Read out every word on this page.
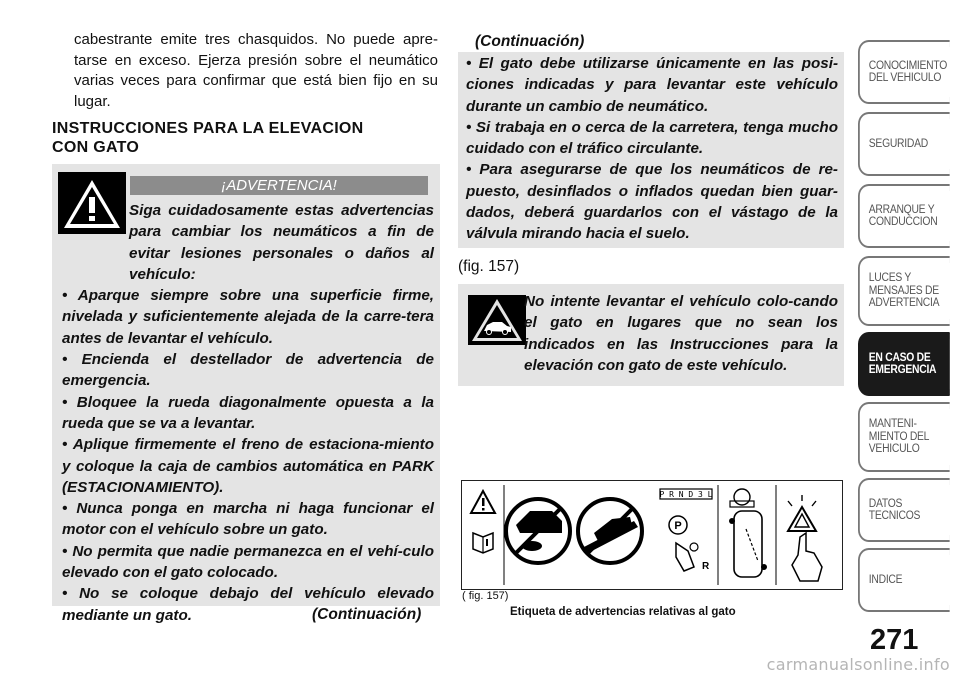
cabestrante emite tres chasquidos. No puede apre-tarse en exceso. Ejerza presión sobre el neumático varias veces para confirmar que está bien fijo en su lugar.
INSTRUCCIONES PARA LA ELEVACION
CON GATO
¡ADVERTENCIA!
Siga cuidadosamente estas advertencias para cambiar los neumáticos a fin de evitar lesiones personales o daños al vehículo:
• Aparque siempre sobre una superficie firme, nivelada y suficientemente alejada de la carre-tera antes de levantar el vehículo.
• Encienda el destellador de advertencia de emergencia.
• Bloquee la rueda diagonalmente opuesta a la rueda que se va a levantar.
• Aplique firmemente el freno de estaciona-miento y coloque la caja de cambios automática en PARK (ESTACIONAMIENTO).
• Nunca ponga en marcha ni haga funcionar el motor con el vehículo sobre un gato.
• No permita que nadie permanezca en el vehí-culo elevado con el gato colocado.
• No se coloque debajo del vehículo elevado mediante un gato.	(Continuación)
(Continuación)
• El gato debe utilizarse únicamente en las posi-ciones indicadas y para levantar este vehículo durante un cambio de neumático.
• Si trabaja en o cerca de la carretera, tenga mucho cuidado con el tráfico circulante.
• Para asegurarse de que los neumáticos de re-puesto, desinflados o inflados quedan bien guar-dados, deberá guardarlos con el vástago de la válvula mirando hacia el suelo.
(fig. 157)
No intente levantar el vehículo colo-cando el gato en lugares que no sean los indicados en las Instrucciones para la elevación con gato de este vehículo.
P R N D 3 L
P
R
( fig. 157)
Etiqueta de advertencias relativas al gato
CONOCIMIENTO
DEL VEHICULO
SEGURIDAD
ARRANQUE Y
CONDUCCION
LUCES Y
MENSAJES DE
ADVERTENCIA
EN CASO DE
EMERGENCIA
MANTENI-
MIENTO DEL
VEHICULO
DATOS
TECNICOS
INDICE
271
carmanualsonline.info
